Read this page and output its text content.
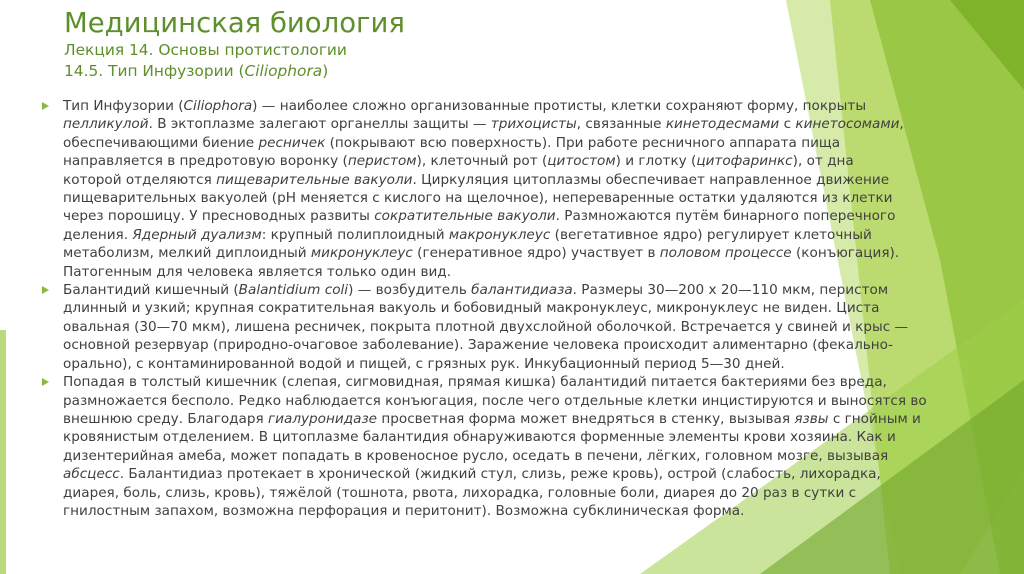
Медицинская биология
Лекция 14. Основы протистологии
14.5. Тип Инфузории (Ciliophora)
Тип Инфузории (Ciliophora) — наиболее сложно организованные протисты, клетки сохраняют форму, покрыты
пелликулой. В эктоплазме залегают органеллы защиты — трихоцисты, связанные кинетодесмами с кинетосомами,
обеспечивающими биение ресничек (покрывают всю поверхность). При работе ресничного аппарата пища
направляется в предротовую воронку (перистом), клеточный рот (цитостом) и глотку (цитофаринкс), от дна
которой отделяются пищеварительные вакуоли. Циркуляция цитоплазмы обеспечивает направленное движение
пищеварительных вакуолей (рН меняется с кислого на щелочное), непереваренные остатки удаляются из клетки
через порошицу. У пресноводных развиты сократительные вакуоли. Размножаются путём бинарного поперечного
деления. Ядерный дуализм: крупный полиплоидный макронуклеус (вегетативное ядро) регулирует клеточный
метаболизм, мелкий диплоидный микронуклеус (генеративное ядро) участвует в половом процессе (конъюгация).
Патогенным для человека является только один вид.
Балантидий кишечный (Balantidium coli) — возбудитель балантидиаза. Размеры 30—200 х 20—110 мкм, перистом
длинный и узкий; крупная сократительная вакуоль и бобовидный макронуклеус, микронуклеус не виден. Циста
овальная (30—70 мкм), лишена ресничек, покрыта плотной двухслойной оболочкой. Встречается у свиней и крыс —
основной резервуар (природно-очаговое заболевание). Заражение человека происходит алиментарно (фекально-
орально), с контаминированной водой и пищей, с грязных рук. Инкубационный период 5—30 дней.
Попадая в толстый кишечник (слепая, сигмовидная, прямая кишка) балантидий питается бактериями без вреда,
размножается бесполо. Редко наблюдается конъюгация, после чего отдельные клетки инцистируются и выносятся во
внешнюю среду. Благодаря гиалуронидазе просветная форма может внедряться в стенку, вызывая язвы с гнойным и
кровянистым отделением. В цитоплазме балантидия обнаруживаются форменные элементы крови хозяина. Как и
дизентерийная амеба, может попадать в кровеносное русло, оседать в печени, лёгких, головном мозге, вызывая
абсцесс. Балантидиаз протекает в хронической (жидкий стул, слизь, реже кровь), острой (слабость, лихорадка,
диарея, боль, слизь, кровь), тяжёлой (тошнота, рвота, лихорадка, головные боли, диарея до 20 раз в сутки с
гнилостным запахом, возможна перфорация и перитонит). Возможна субклиническая форма.
